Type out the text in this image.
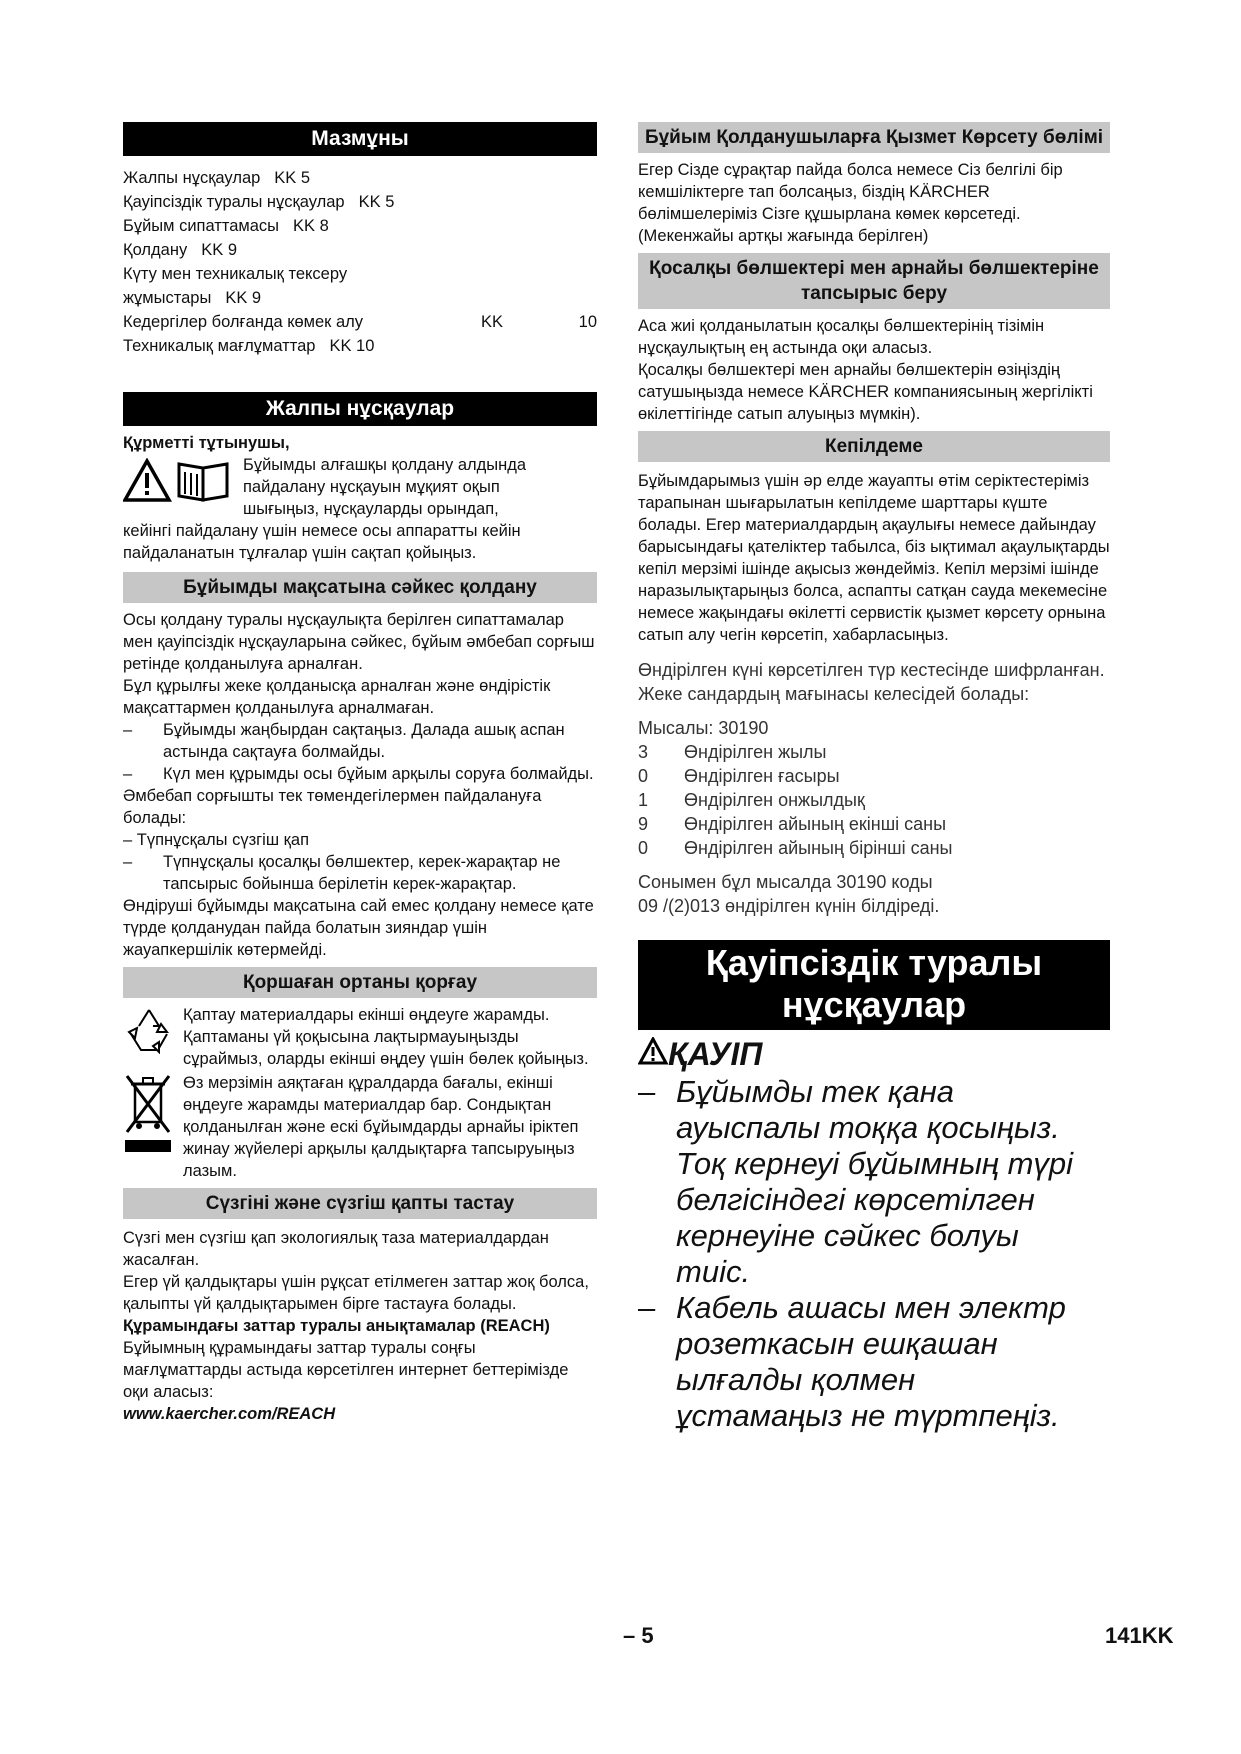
Мазмұны
Жалпы нұсқаулар KK 5
Қауіпсіздік туралы нұсқаулар KK 5
Бұйым сипаттамасы KK 8
Қолдану KK 9
Күту мен техникалық тексеру
жұмыстары KK 9
Кедергілер болғанда көмек алу	KK	10
Техникалық мағлұматтар KK 10
Жалпы нұсқаулар

Құрметті тұтынушы,

Бұйымды алғашқы қолдану алдында

пайдалану нұсқауын мұқият оқып

шығыңыз, нұсқауларды орындап,

кейінгі пайдалану үшін немесе осы аппаратты кейін пайдаланатын тұлғалар үшін сақтап қойыңыз.

Бұйымды мақсатына сәйкес қолдану

Осы қолдану туралы нұсқаулықта берілген сипаттамалар мен қауіпсіздік нұсқауларына сәйкес, бұйым әмбебап сорғыш ретінде қолданылуға арналған.

Бұл құрылғы жеке қолданысқа арналған және өндірістік мақсаттармен қолданылуға арналмаған.

–	Бұйымды жаңбырдан сақтаңыз. Далада ашық аспан астында сақтауға болмайды.
–	Күл мен құрымды осы бұйым арқылы соруға болмайды.

Әмбебап сорғышты тек төмендегілермен пайдалануға болады:

– Түпнұсқалы сүзгіш қап

–	Түпнұсқалы қосалқы бөлшектер, керек-жарақтар не тапсырыс бойынша берілетін керек-жарақтар.

Өндіруші бұйымды мақсатына сай емес қолдану немесе қате түрде қолданудан пайда болатын зияндар үшін жауапкершілік көтермейді.

Қоршаған ортаны қорғау

Қаптау материалдары екінші өңдеуге жарамды. Қаптаманы үй қоқысына лақтырмауыңызды сұраймыз, оларды екінші өңдеу үшін бөлек қойыңыз.

Өз мерзімін аяқтаған құралдарда бағалы, екінші өңдеуге жарамды материалдар бар. Сондықтан қолданылған және ескі бұйымдарды арнайы іріктеп жинау жүйелері арқылы қалдықтарға тапсыруыңыз лазым.

Сүзгіні және сүзгіш қапты тастау

Сүзгі мен сүзгіш қап экологиялық таза материалдардан жасалған.

Егер үй қалдықтары үшін рұқсат етілмеген заттар жоқ болса, қалыпты үй қалдықтарымен бірге тастауға болады.

Құрамындағы заттар туралы анықтамалар (REACH)

Бұйымның құрамындағы заттар туралы соңғы мағлұматтарды астыда көрсетілген интернет беттерімізде оқи аласыз:

www.kaercher.com/REACH

Бұйым Қолданушыларға Қызмет Көрсету бөлімі

Егер Сізде сұрақтар пайда болса немесе Сіз белгілі бір кемшіліктерге тап болсаңыз, біздің KÄRCHER бөлімшелеріміз Сізге құшырлана көмек көрсетеді. (Мекенжайы артқы жағында берілген)

Қосалқы бөлшектері мен арнайы бөлшектеріне тапсырыс беру

Аса жиі қолданылатын қосалқы бөлшектерінің тізімін нұсқаулықтың ең астында оқи аласыз.

Қосалқы бөлшектері мен арнайы бөлшектерін өзіңіздің сатушыңызда немесе KÄRCHER компаниясының жергілікті өкілеттігінде сатып алуыңыз мүмкін).

Кепілдеме

Бұйымдарымыз үшін әр елде жауапты өтім серіктестеріміз тарапынан шығарылатын кепілдеме шарттары күште болады. Егер материалдардың ақаулығы немесе дайындау барысындағы қателіктер табылса, біз ықтимал ақаулықтарды кепіл мерзімі ішінде ақысыз жөндейміз. Кепіл мерзімі ішінде наразылықтарыңыз болса, аспапты сатқан сауда мекемесіне немесе жақындағы өкілетті сервистік қызмет көрсету орнына сатып алу чегін көрсетіп, хабарласыңыз.

Өндірілген күні көрсетілген түр кестесінде шифрланған.

Жеке сандардың мағынасы келесідей болады:

Мысалы: 30190

3	Өндірілген жылы
0	Өндірілген ғасыры
1	Өндірілген онжылдық
9	Өндірілген айының екінші саны
0	Өндірілген айының бірінші саны

Сонымен бұл мысалда 30190 коды

09 /(2)013 өндірілген күнін білдіреді.

Қауіпсіздік туралы
нұсқаулар
ҚАУІП
– Бұйымды тек қана
ауыспалы тоққа қосыңыз.
Тоқ кернеуі бұйымның түрі
белгісіндегі көрсетілген
кернеуіне сәйкес болуы
тиіс.
– Кабель ашасы мен электр
розеткасын ешқашан
ылғалды қолмен
ұстамаңыз не түртпеңіз.
– 5	141KK
